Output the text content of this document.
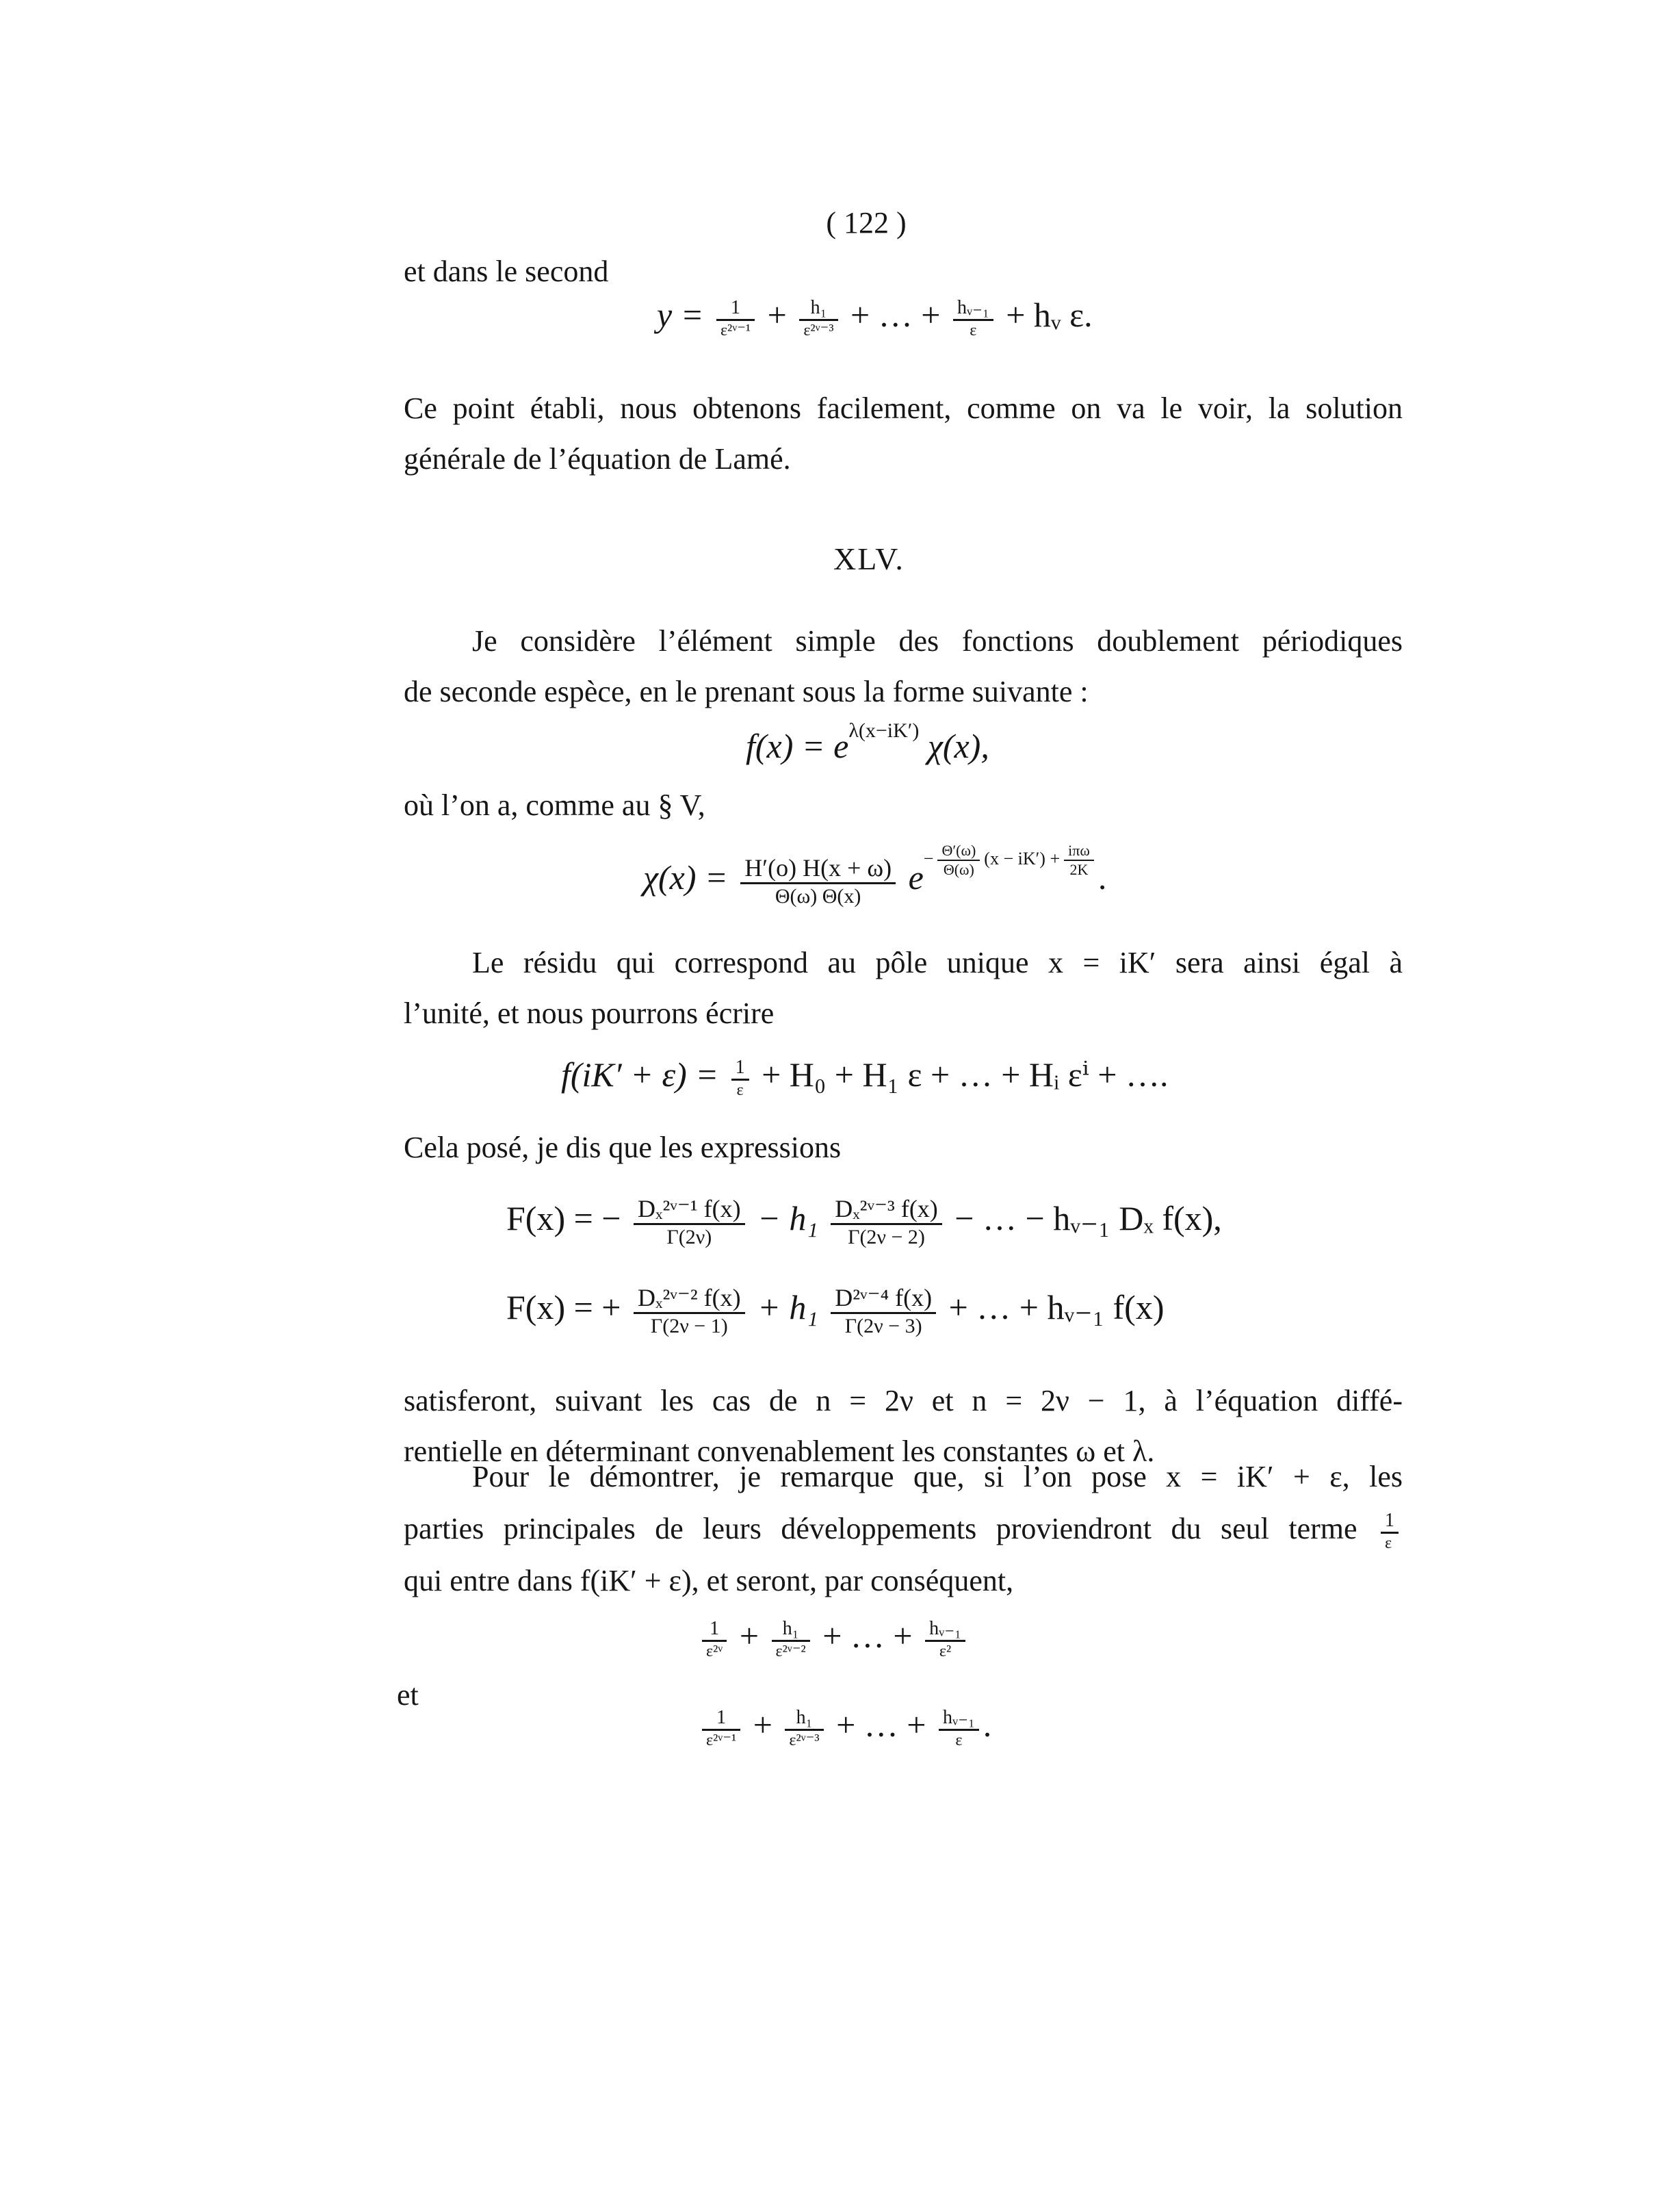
( 122 )
et dans le second
$y = \frac{1}{\text{ε²ᵛ⁻¹}} + \frac{\text{h₁}}{\text{ε²ᵛ⁻³}}$ + … + $\frac{\text{hᵥ₋₁}}{\varepsilon}$ + hᵥ ε.
Ce point établi, nous obtenons facilement, comme on va le voir, la solution
générale de l’équation de Lamé.
XLV.
Je considère l’élément simple des fonctions doublement périodiques
de seconde espèce, en le prenant sous la forme suivante :
$f(x) = e^{\lambda(x-iK')}$ χ(x),
où l’on a, comme au § V,
$\chi(x) = \frac{H'(o) H(x + \omega)}{\Theta(\omega) \Theta(x)} e- \frac{\Theta'(\omega)}{\Theta(\omega)} (x - iK') + \frac{\text{iπω}}{2K}$ .
Le résidu qui correspond au pôle unique x = iK′ sera ainsi égal à
l’unité, et nous pourrons écrire
$f(iK' + \varepsilon) = \frac{1}{\varepsilon} + H_0 + H_1$ ε + … + Hᵢ εⁱ + ….
Cela posé, je dis que les expressions
F(x) = − $\frac{\text{Dₓ²ᵛ⁻¹ f(x)}}{\Gamma(2\nu)} - h_1 \frac{\text{Dₓ²ᵛ⁻³ f(x)}}{\Gamma(2\nu - 2)}$ − … − hᵥ₋₁ Dₓ f(x),
F(x) = + $\frac{\text{Dₓ²ᵛ⁻² f(x)}}{\Gamma(2\nu - 1)} + h_1 \frac{\text{D²ᵛ⁻⁴ f(x)}}{\Gamma(2\nu - 3)}$ + … + hᵥ₋₁ f(x)
satisferont, suivant les cas de n = 2ν et n = 2ν − 1, à l’équation diffé-
rentielle en déterminant convenablement les constantes ω et λ.
Pour le démontrer, je remarque que, si l’on pose x = iK′ + ε, les
parties principales de leurs développements proviendront du seul terme $\frac{1}{\varepsilon}$
qui entre dans f(iK′ + ε), et seront, par conséquent,
$\frac{1}{\text{ε²ᵛ}} + \frac{\text{h₁}}{\text{ε²ᵛ⁻²}}$ + … + $\frac{\text{hᵥ₋₁}}{\text{ε²}}$
et
$\frac{1}{\text{ε²ᵛ⁻¹}} + \frac{\text{h₁}}{\text{ε²ᵛ⁻³}}$ + … + $\frac{\text{hᵥ₋₁}}{\varepsilon}$ .
